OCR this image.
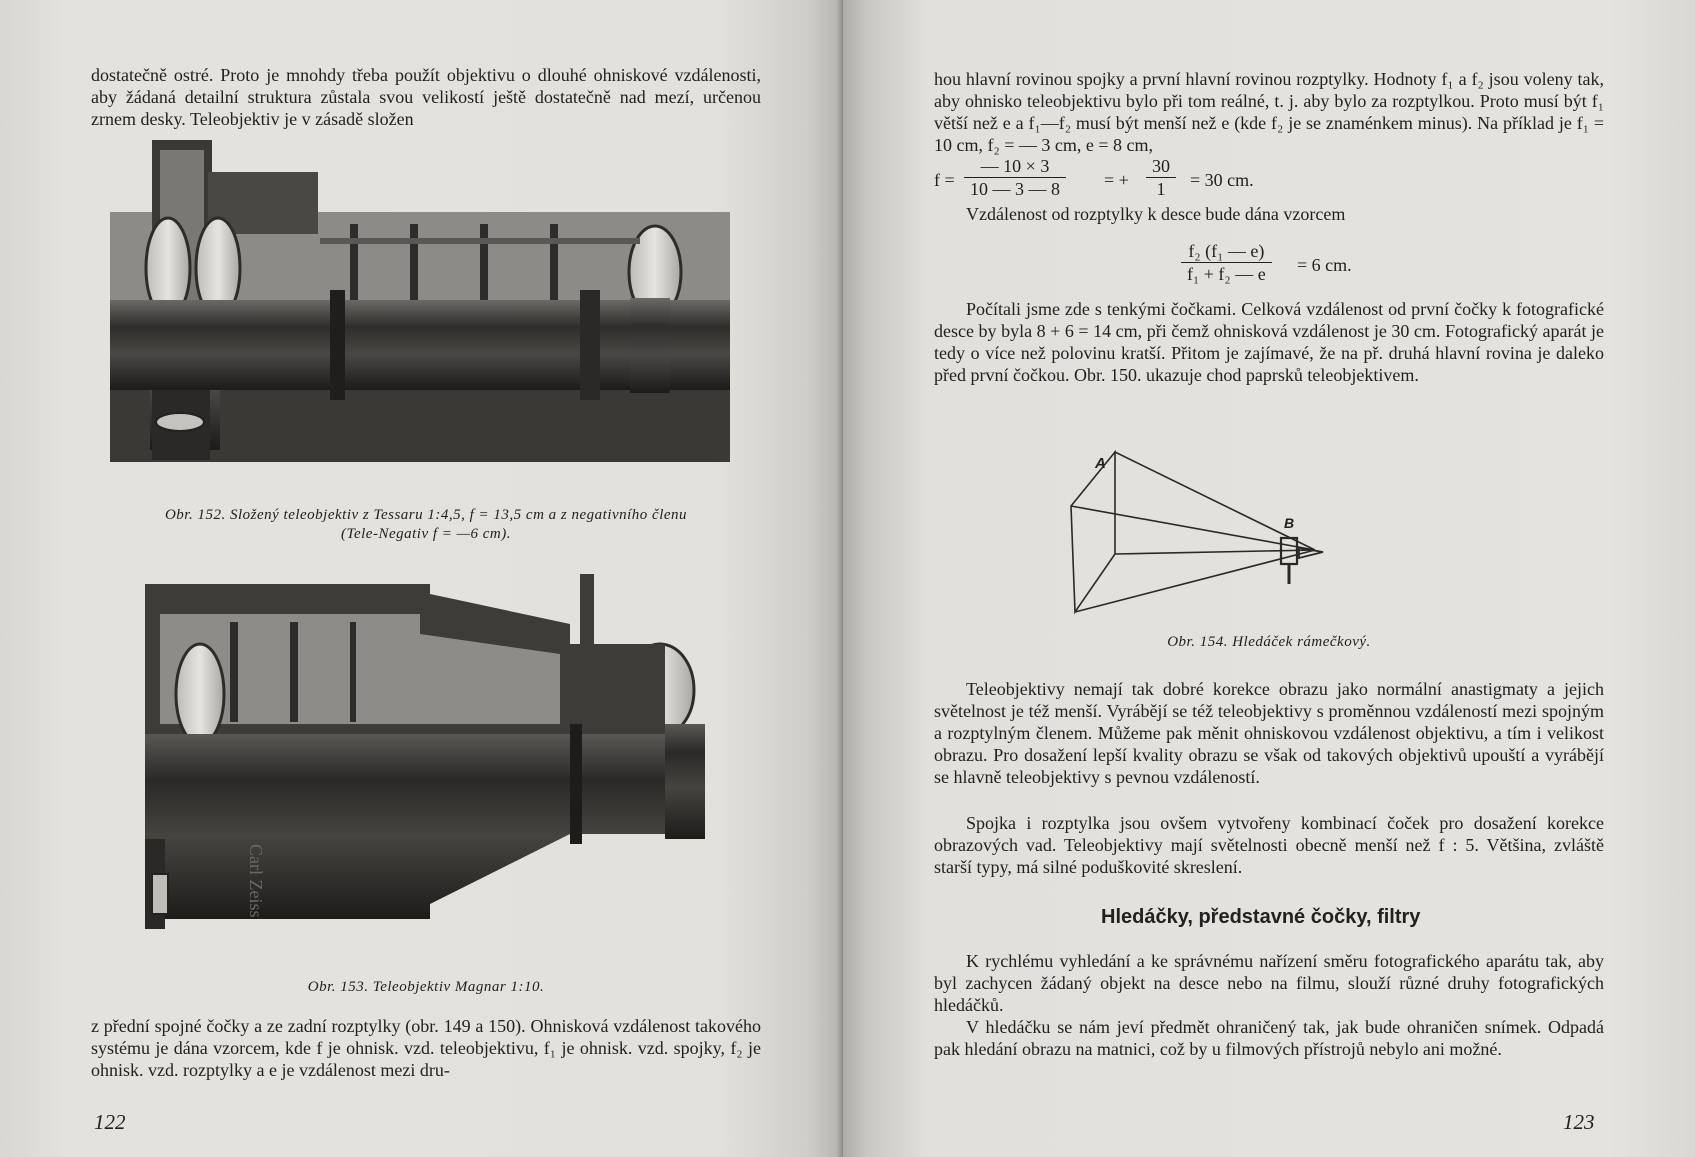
dostatečně ostré. Proto je mnohdy třeba použít objektivu o dlouhé ohniskové vzdálenosti, aby žádaná detailní struktura zůstala svou velikostí ještě dostatečně nad mezí, určenou zrnem desky. Teleobjektiv je v zásadě složen

Obr. 152. Složený teleobjektiv z Tessaru 1:4,5, f = 13,5 cm a z negativního členu

(Tele-Negativ f = —6 cm).

Carl Zeiss

Obr. 153. Teleobjektiv Magnar 1:10.

z přední spojné čočky a ze zadní rozptylky (obr. 149 a 150). Ohnisková vzdálenost takového systému je dána vzorcem, kde f je ohnisk. vzd. teleobjektivu, f₁ je ohnisk. vzd. spojky, f₂ je ohnisk. vzd. rozptylky a e je vzdálenost mezi dru-

122

hou hlavní rovinou spojky a první hlavní rovinou rozptylky. Hodnoty f₁ a f₂ jsou voleny tak, aby ohnisko teleobjektivu bylo při tom reálné, t. j. aby bylo za rozptylkou. Proto musí být f₁ větší než e a f₁—f₂ musí být menší než e (kde f₂ je se znaménkem minus). Na příklad je f₁ = 10 cm, f₂ = — 3 cm, e = 8 cm,

$f = \frac{— 10 \times 3}{10 — 3 — 8}$ = + $\frac{30}{1} = 30$ cm.

Vzdálenost od rozptylky k desce bude dána vzorcem

$\frac{\text{f₂ (f₁ — e)}}{\text{f₁ + f₂ — e}} = 6$ cm.

Počítali jsme zde s tenkými čočkami. Celková vzdálenost od první čočky k fotografické desce by byla 8 + 6 = 14 cm, při čemž ohnisková vzdálenost je 30 cm. Fotografický aparát je tedy o více než polovinu kratší. Přitom je zajímavé, že na př. druhá hlavní rovina je daleko před první čočkou. Obr. 150. ukazuje chod paprsků teleobjektivem.

A
B

Obr. 154. Hledáček rámečkový.

Teleobjektivy nemají tak dobré korekce obrazu jako normální anastigmaty a jejich světelnost je též menší. Vyrábějí se též teleobjektivy s proměnnou vzdáleností mezi spojným a rozptylným členem. Můžeme pak měnit ohniskovou vzdálenost objektivu, a tím i velikost obrazu. Pro dosažení lepší kvality obrazu se však od takových objektivů upouští a vyrábějí se hlavně teleobjektivy s pevnou vzdáleností.

Spojka i rozptylka jsou ovšem vytvořeny kombinací čoček pro dosažení korekce obrazových vad. Teleobjektivy mají světelnosti obecně menší než f : 5. Většina, zvláště starší typy, má silné poduškovité skreslení.

Hledáčky, představné čočky, filtry

K rychlému vyhledání a ke správnému nařízení směru fotografického aparátu tak, aby byl zachycen žádaný objekt na desce nebo na filmu, slouží různé druhy fotografických hledáčků.

V hledáčku se nám jeví předmět ohraničený tak, jak bude ohraničen snímek. Odpadá pak hledání obrazu na matnici, což by u filmových přístrojů nebylo ani možné.

123
